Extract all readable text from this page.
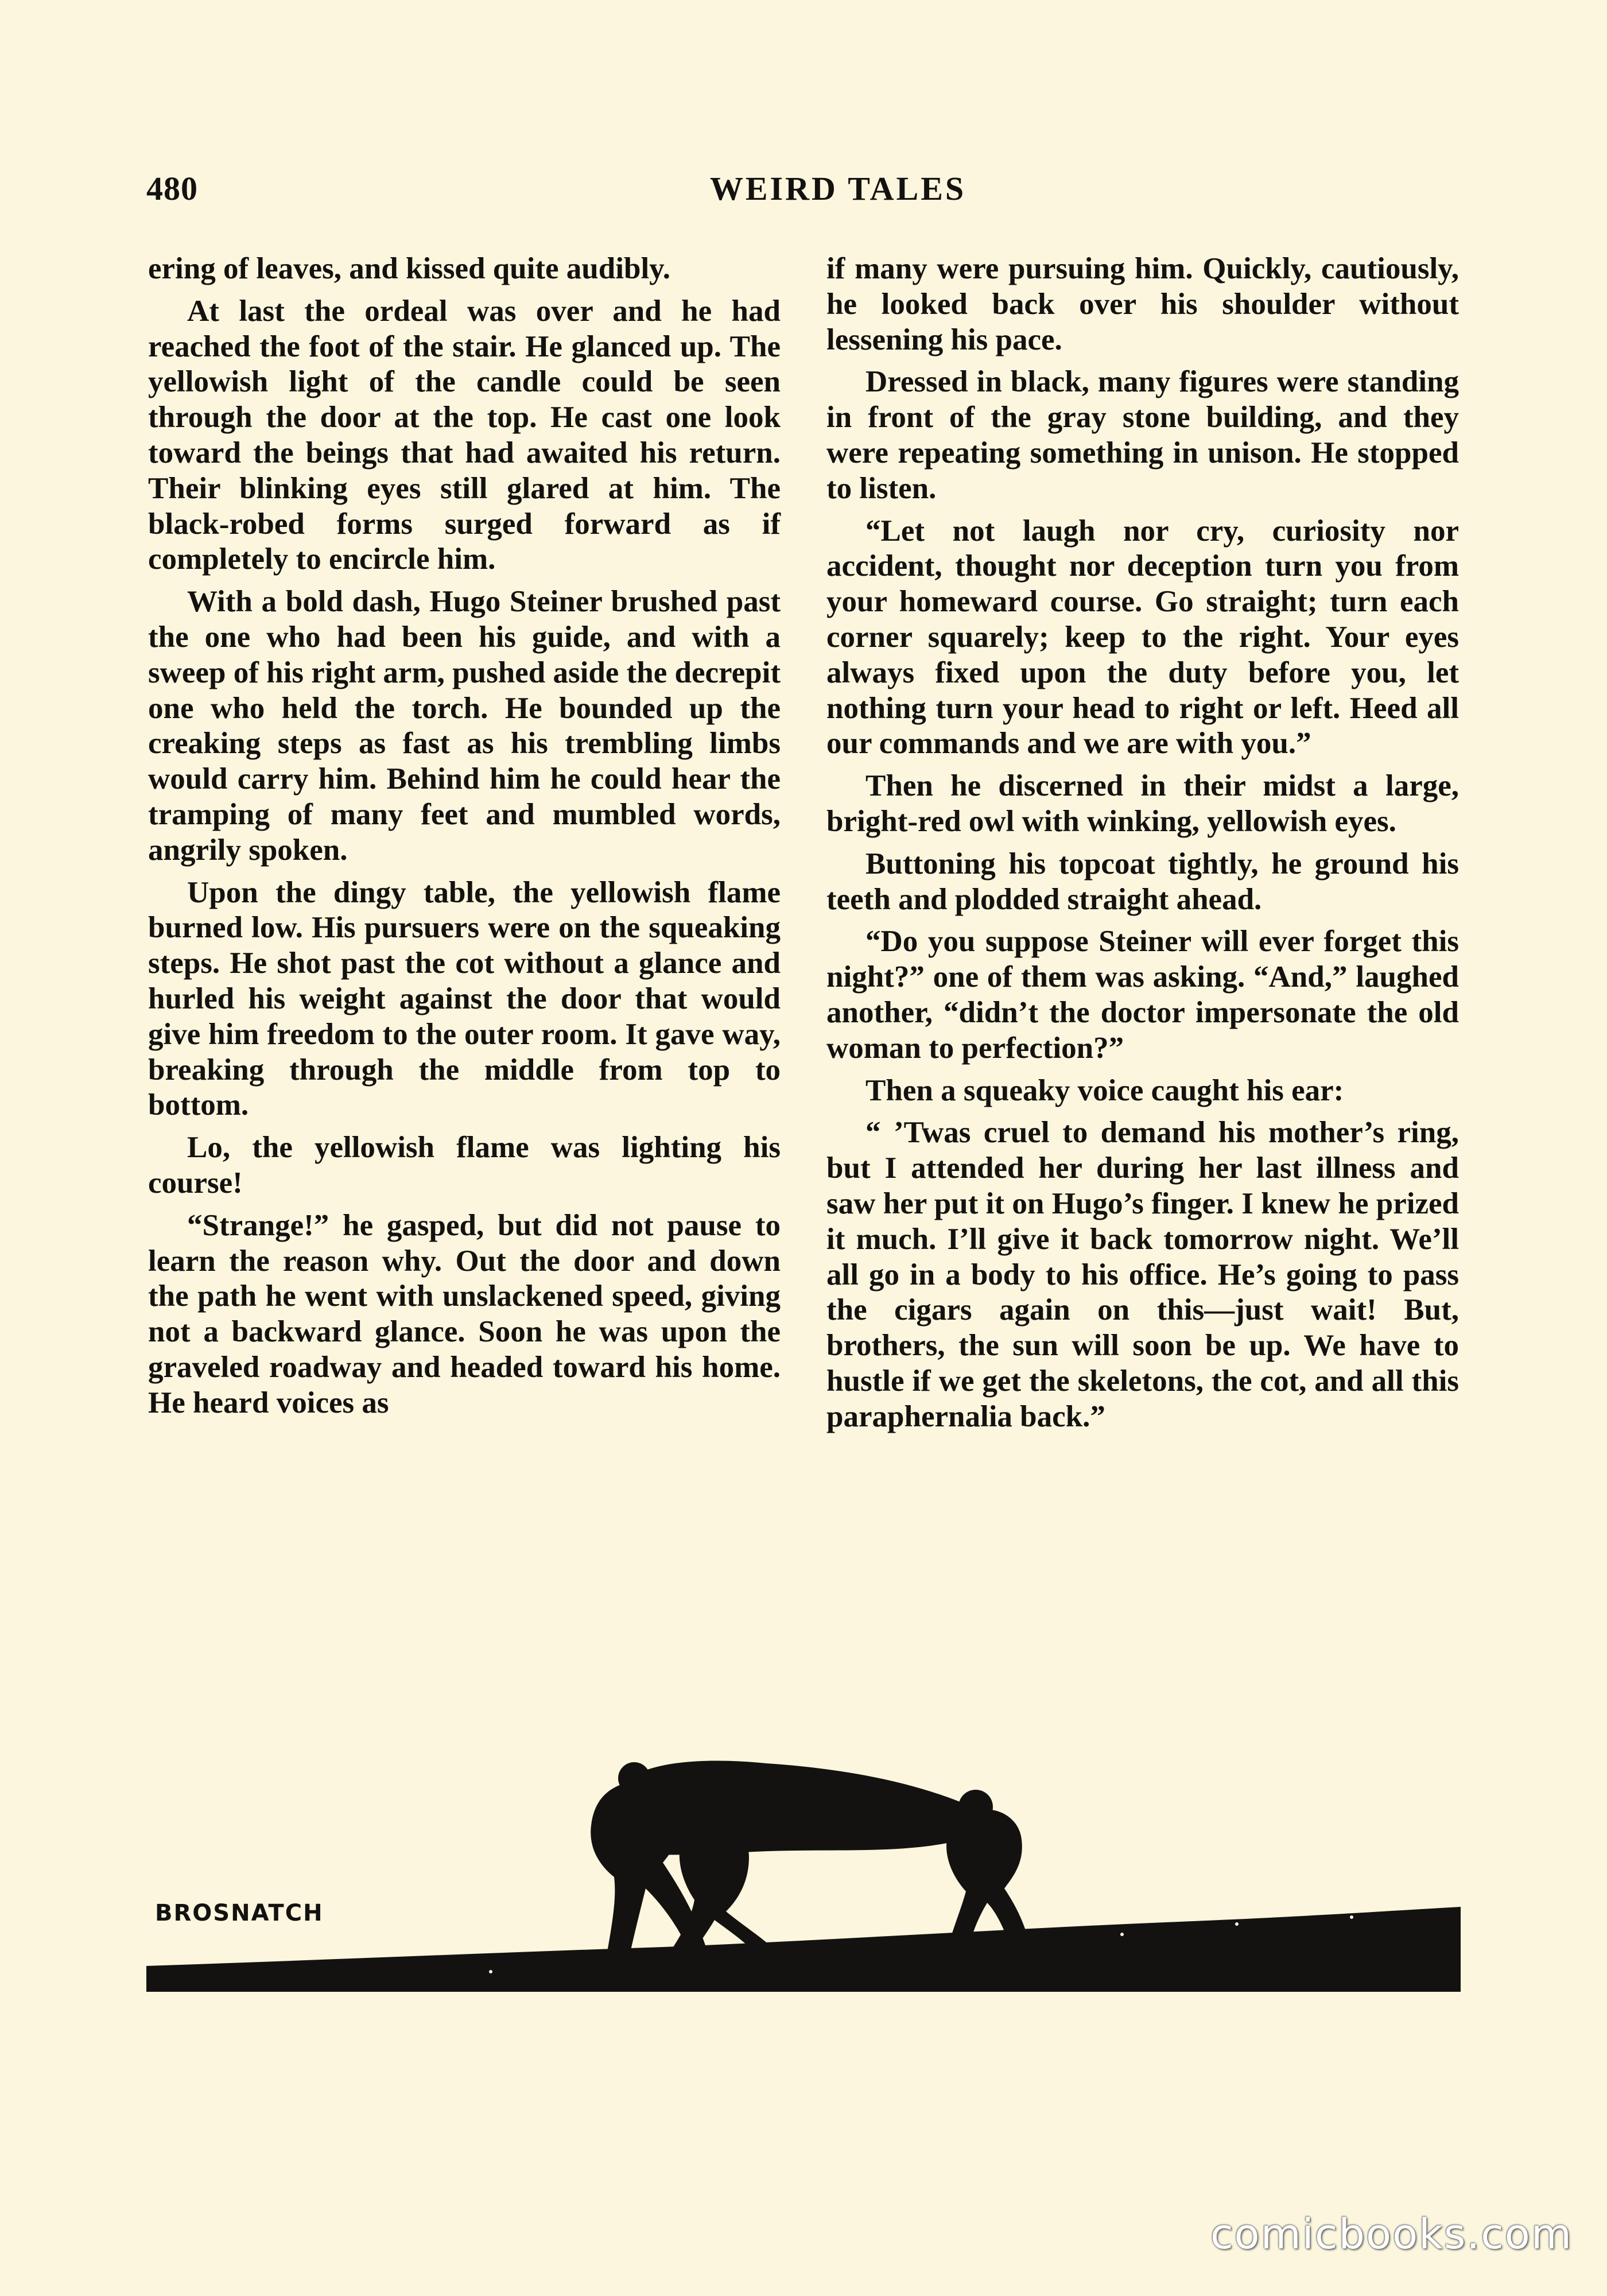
480	WEIRD TALES

ering of leaves, and kissed quite audibly.

At last the ordeal was over and he had reached the foot of the stair. He glanced up. The yellowish light of the candle could be seen through the door at the top. He cast one look toward the beings that had awaited his return. Their blinking eyes still glared at him. The black-robed forms surged forward as if completely to encircle him.

With a bold dash, Hugo Steiner brushed past the one who had been his guide, and with a sweep of his right arm, pushed aside the decrepit one who held the torch. He bounded up the creaking steps as fast as his trembling limbs would carry him. Behind him he could hear the tramping of many feet and mumbled words, angrily spoken.

Upon the dingy table, the yellowish flame burned low. His pursuers were on the squeaking steps. He shot past the cot without a glance and hurled his weight against the door that would give him freedom to the outer room. It gave way, breaking through the middle from top to bottom.

Lo, the yellowish flame was lighting his course!

“Strange!” he gasped, but did not pause to learn the reason why. Out the door and down the path he went with unslackened speed, giving not a backward glance. Soon he was upon the graveled roadway and headed toward his home. He heard voices as

if many were pursuing him. Quickly, cautiously, he looked back over his shoulder without lessening his pace.

Dressed in black, many figures were standing in front of the gray stone building, and they were repeating something in unison. He stopped to listen.

“Let not laugh nor cry, curiosity nor accident, thought nor deception turn you from your homeward course. Go straight; turn each corner squarely; keep to the right. Your eyes always fixed upon the duty before you, let nothing turn your head to right or left. Heed all our commands and we are with you.”

Then he discerned in their midst a large, bright-red owl with winking, yellowish eyes.

Buttoning his topcoat tightly, he ground his teeth and plodded straight ahead.

“Do you suppose Steiner will ever forget this night?” one of them was asking. “And,” laughed another, “didn’t the doctor impersonate the old woman to perfection?”

Then a squeaky voice caught his ear:

“ ’Twas cruel to demand his mother’s ring, but I attended her during her last illness and saw her put it on Hugo’s finger. I knew he prized it much. I’ll give it back tomorrow night. We’ll all go in a body to his office. He’s going to pass the cigars again on this—just wait! But, brothers, the sun will soon be up. We have to hustle if we get the skeletons, the cot, and all this paraphernalia back.”

BROSNATCH
comicbooks.com
